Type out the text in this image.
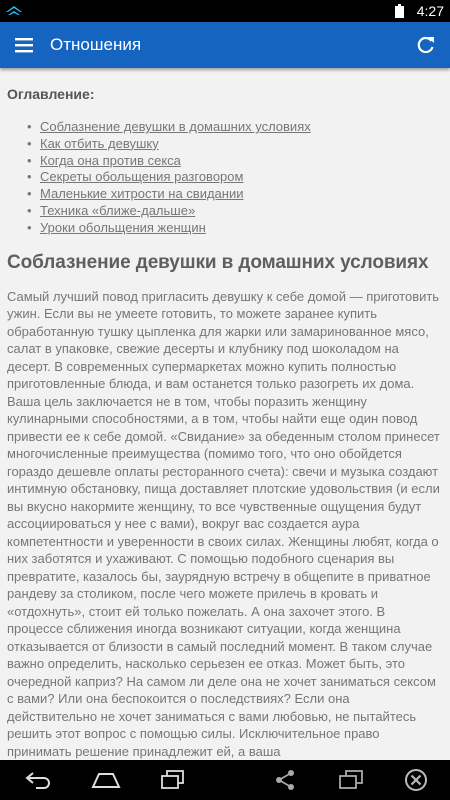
4:27
Отношения
Оглавление:
• Соблазнение девушки в домашних условиях
• Как отбить девушку
• Когда она против секса
• Секреты обольщения разговором
• Маленькие хитрости на свидании
• Техника «ближе-дальше»
• Уроки обольщения женщин
Соблазнение девушки в домашних условиях

Самый лучший повод пригласить девушку к себе домой — приготовить ужин. Если вы не умеете готовить, то можете заранее купить обработанную тушку цыпленка для жарки или замаринованное мясо, салат в упаковке, свежие десерты и клубнику под шоколадом на десерт. В современных супермаркетах можно купить полностью приготовленные блюда, и вам останется только разогреть их дома. Ваша цель заключается не в том, чтобы поразить женщину кулинарными способностями, а в том, чтобы найти еще один повод привести ее к себе домой. «Свидание» за обеденным столом принесет многочисленные преимущества (помимо того, что оно обойдется гораздо дешевле оплаты ресторанного счета): свечи и музыка создают интимную обстановку, пища доставляет плотские удовольствия (и если вы вкусно накормите женщину, то все чувственные ощущения будут ассоциироваться у нее с вами), вокруг вас создается аура компетентности и уверенности в своих силах. Женщины любят, когда о них заботятся и ухаживают. С помощью подобного сценария вы превратите, казалось бы, заурядную встречу в общепите в приватное рандеву за столиком, после чего можете прилечь в кровать и «отдохнуть», стоит ей только пожелать. А она захочет этого. В процессе сближения иногда возникают ситуации, когда женщина отказывается от близости в самый последний момент. В таком случае важно определить, насколько серьезен ее отказ. Может быть, это очередной каприз? На самом ли деле она не хочет заниматься сексом с вами? Или она беспокоится о последствиях? Если она действительно не хочет заниматься с вами любовью, не пытайтесь решить этот вопрос с помощью силы. Исключительное право принимать решение принадлежит ей, а ваша
